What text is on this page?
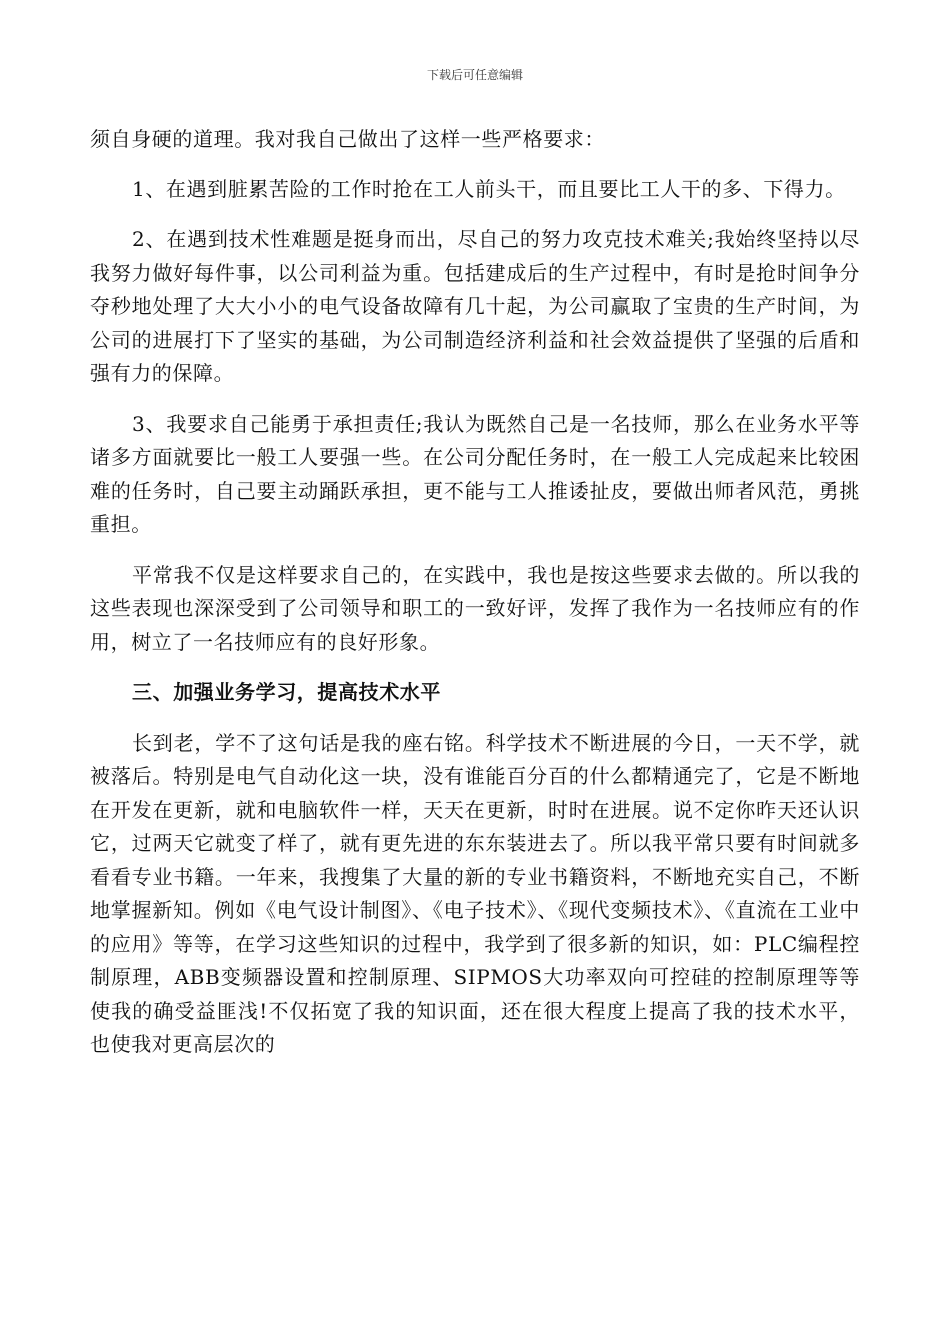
下载后可任意编辑

须自身硬的道理。我对我自己做出了这样一些严格要求：

1、在遇到脏累苦险的工作时抢在工人前头干，而且要比工人干的多、下得力。

2、在遇到技术性难题是挺身而出，尽自己的努力攻克技术难关;我始终坚持以尽我努力做好每件事，以公司利益为重。包括建成后的生产过程中，有时是抢时间争分夺秒地处理了大大小小的电气设备故障有几十起，为公司赢取了宝贵的生产时间，为公司的进展打下了坚实的基础，为公司制造经济利益和社会效益提供了坚强的后盾和强有力的保障。

3、我要求自己能勇于承担责任;我认为既然自己是一名技师，那么在业务水平等诸多方面就要比一般工人要强一些。在公司分配任务时，在一般工人完成起来比较困难的任务时，自己要主动踊跃承担，更不能与工人推诿扯皮，要做出师者风范，勇挑重担。

平常我不仅是这样要求自己的，在实践中，我也是按这些要求去做的。所以我的这些表现也深深受到了公司领导和职工的一致好评，发挥了我作为一名技师应有的作用，树立了一名技师应有的良好形象。

三、加强业务学习，提高技术水平

长到老，学不了这句话是我的座右铭。科学技术不断进展的今日，一天不学，就被落后。特别是电气自动化这一块，没有谁能百分百的什么都精通完了，它是不断地在开发在更新，就和电脑软件一样，天天在更新，时时在进展。说不定你昨天还认识它，过两天它就变了样了，就有更先进的东东装进去了。所以我平常只要有时间就多看看专业书籍。一年来，我搜集了大量的新的专业书籍资料，不断地充实自己，不断地掌握新知。例如《电气设计制图》、《电子技术》、《现代变频技术》、《直流在工业中的应用》等等，在学习这些知识的过程中，我学到了很多新的知识，如：PLC编程控制原理，ABB变频器设置和控制原理、SIPMOS大功率双向可控硅的控制原理等等使我的确受益匪浅!不仅拓宽了我的知识面，还在很大程度上提高了我的技术水平，也使我对更高层次的
